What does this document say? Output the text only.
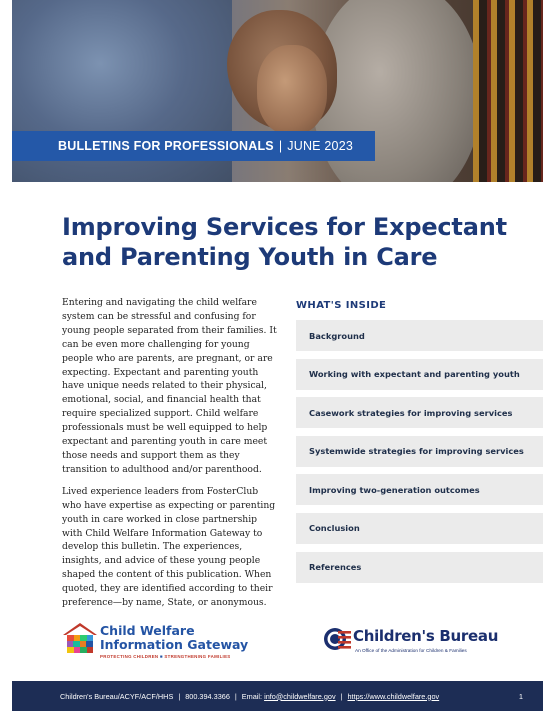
BULLETINS FOR PROFESSIONALS | JUNE 2023
Improving Services for Expectant
and Parenting Youth in Care

Entering and navigating the child welfare system can be stressful and confusing for young people separated from their families. It can be even more challenging for young people who are parents, are pregnant, or are expecting. Expectant and parenting youth have unique needs related to their physical, emotional, social, and financial health that require specialized support. Child welfare professionals must be well equipped to help expectant and parenting youth in care meet those needs and support them as they transition to adulthood and/or parenthood.

Lived experience leaders from FosterClub who have expertise as expecting or parenting youth in care worked in close partnership with Child Welfare Information Gateway to develop this bulletin. The experiences, insights, and advice of these young people shaped the content of this publication. When quoted, they are identified according to their preference—by name, State, or anonymous.

WHAT'S INSIDE
Background
Working with expectant and parenting youth
Casework strategies for improving services
Systemwide strategies for improving services
Improving two-generation outcomes
Conclusion
References
Child Welfare
Information Gateway
PROTECTING CHILDREN ■ STRENGTHENING FAMILIES
Children's Bureau
An Office of the Administration for Children & Families
Children's Bureau/ACYF/ACF/HHS | 800.394.3366 | Email:
info@childwelfare.gov | https://www.childwelfare.gov	1
